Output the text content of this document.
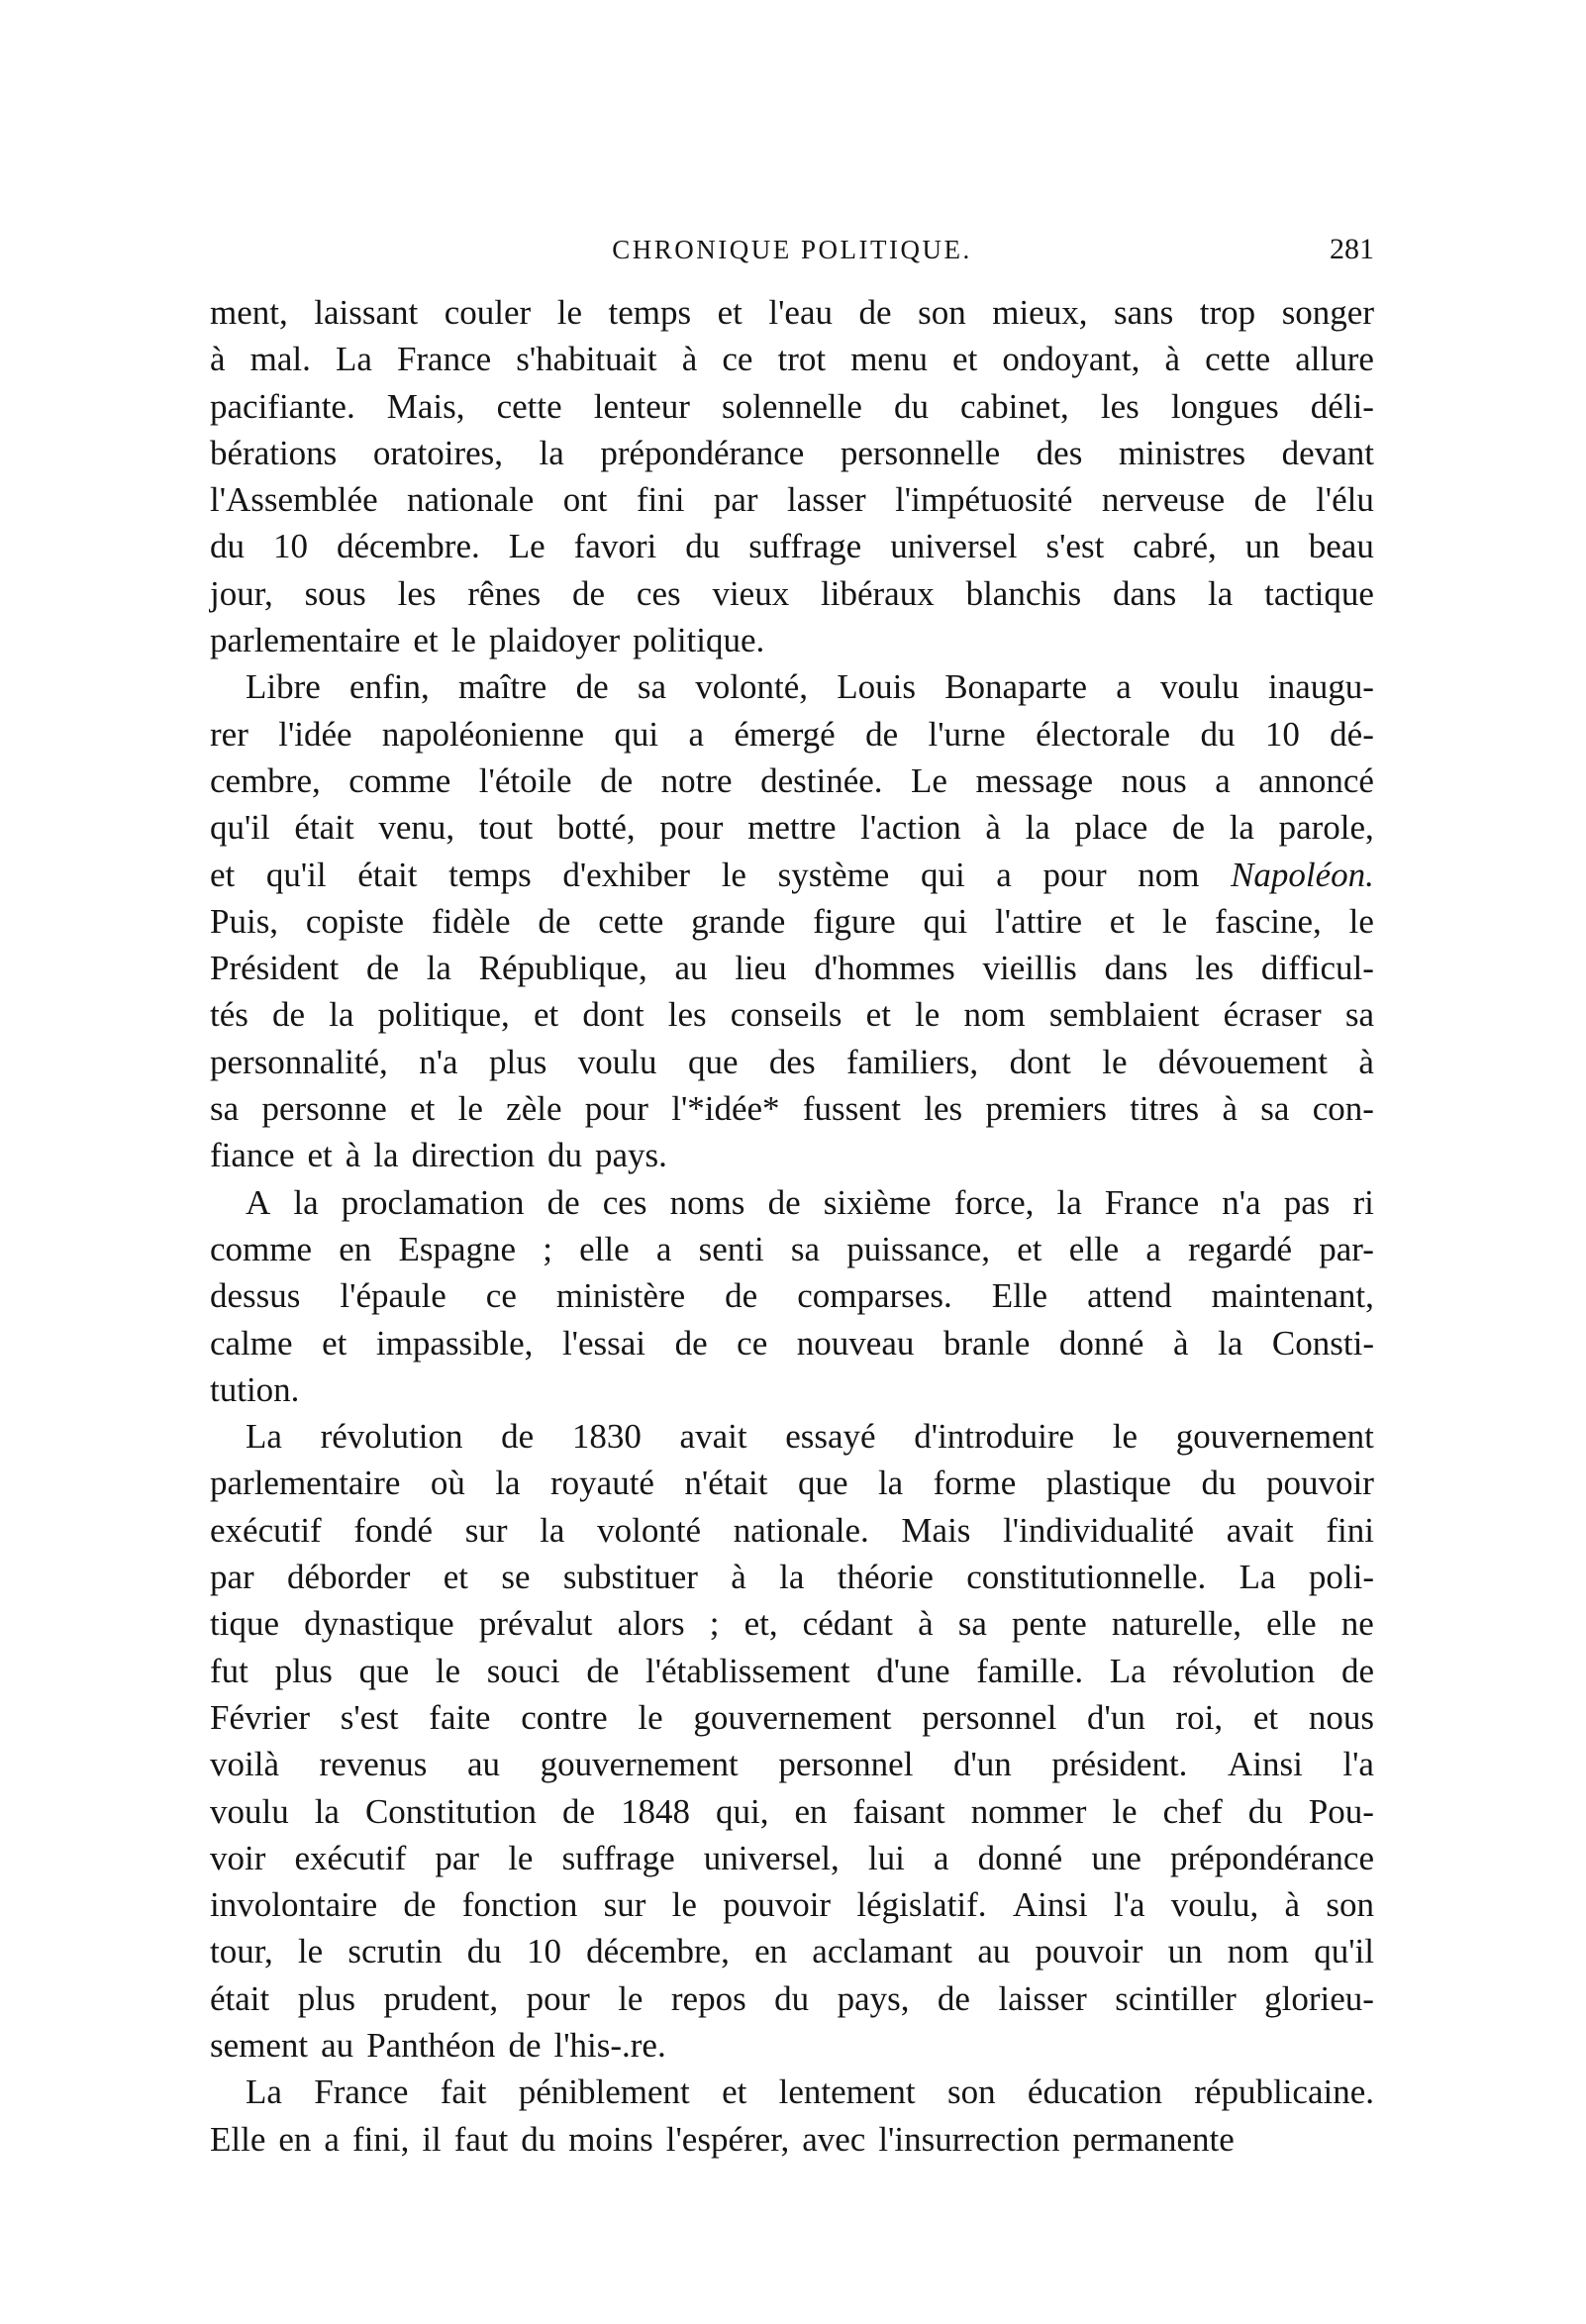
CHRONIQUE POLITIQUE.	281
ment, laissant couler le temps et l'eau de son mieux, sans trop songer
à mal. La France s'habituait à ce trot menu et ondoyant, à cette allure
pacifiante. Mais, cette lenteur solennelle du cabinet, les longues déli-
bérations oratoires, la prépondérance personnelle des ministres devant
l'Assemblée nationale ont fini par lasser l'impétuosité nerveuse de l'élu
du 10 décembre. Le favori du suffrage universel s'est cabré, un beau
jour, sous les rênes de ces vieux libéraux blanchis dans la tactique
parlementaire et le plaidoyer politique.
Libre enfin, maître de sa volonté, Louis Bonaparte a voulu inaugu-
rer l'idée napoléonienne qui a émergé de l'urne électorale du 10 dé-
cembre, comme l'étoile de notre destinée. Le message nous a annoncé
qu'il était venu, tout botté, pour mettre l'action à la place de la parole,
et qu'il était temps d'exhiber le système qui a pour nom Napoléon.
Puis, copiste fidèle de cette grande figure qui l'attire et le fascine, le
Président de la République, au lieu d'hommes vieillis dans les difficul-
tés de la politique, et dont les conseils et le nom semblaient écraser sa
personnalité, n'a plus voulu que des familiers, dont le dévouement à
sa personne et le zèle pour l'*idée* fussent les premiers titres à sa con-
fiance et à la direction du pays.
A la proclamation de ces noms de sixième force, la France n'a pas ri
comme en Espagne ; elle a senti sa puissance, et elle a regardé par-
dessus l'épaule ce ministère de comparses. Elle attend maintenant,
calme et impassible, l'essai de ce nouveau branle donné à la Consti-
tution.
La révolution de 1830 avait essayé d'introduire le gouvernement
parlementaire où la royauté n'était que la forme plastique du pouvoir
exécutif fondé sur la volonté nationale. Mais l'individualité avait fini
par déborder et se substituer à la théorie constitutionnelle. La poli-
tique dynastique prévalut alors ; et, cédant à sa pente naturelle, elle ne
fut plus que le souci de l'établissement d'une famille. La révolution de
Février s'est faite contre le gouvernement personnel d'un roi, et nous
voilà revenus au gouvernement personnel d'un président. Ainsi l'a
voulu la Constitution de 1848 qui, en faisant nommer le chef du Pou-
voir exécutif par le suffrage universel, lui a donné une prépondérance
involontaire de fonction sur le pouvoir législatif. Ainsi l'a voulu, à son
tour, le scrutin du 10 décembre, en acclamant au pouvoir un nom qu'il
était plus prudent, pour le repos du pays, de laisser scintiller glorieu-
sement au Panthéon de l'his-.re.
La France fait péniblement et lentement son éducation républicaine.
Elle en a fini, il faut du moins l'espérer, avec l'insurrection permanente
